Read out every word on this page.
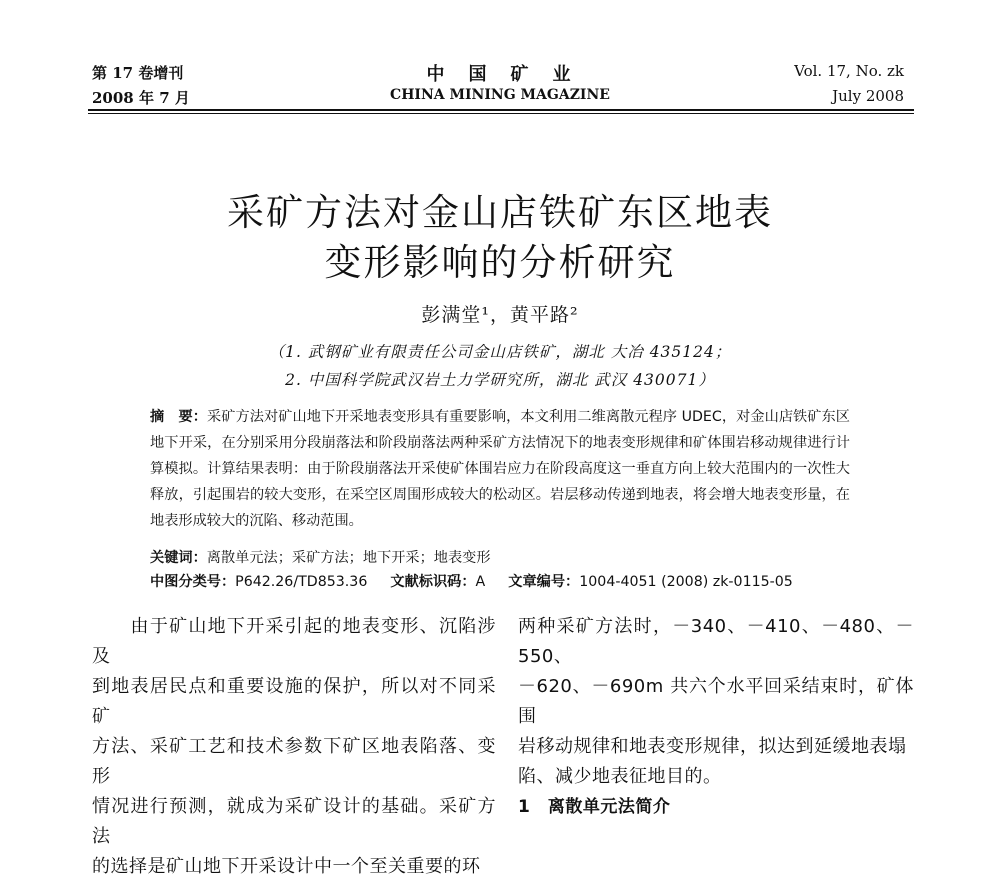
第 17 卷增刊
2008 年 7 月
中　国　矿　业
CHINA MINING MAGAZINE
Vol. 17, No. zk
July 2008
采矿方法对金山店铁矿东区地表
变形影响的分析研究
彭满堂¹，黄平路²
（1. 武钢矿业有限责任公司金山店铁矿，湖北 大冶 435124；
2. 中国科学院武汉岩土力学研究所，湖北 武汉 430071）
摘　要：采矿方法对矿山地下开采地表变形具有重要影响，本文利用二维离散元程序 UDEC，对金山店铁矿东区地下开采，在分别采用分段崩落法和阶段崩落法两种采矿方法情况下的地表变形规律和矿体围岩移动规律进行计算模拟。计算结果表明：由于阶段崩落法开采使矿体围岩应力在阶段高度这一垂直方向上较大范围内的一次性大释放，引起围岩的较大变形，在采空区周围形成较大的松动区。岩层移动传递到地表，将会增大地表变形量，在地表形成较大的沉陷、移动范围。
关键词：离散单元法；采矿方法；地下开采；地表变形
中图分类号：P642.26/TD853.36 文献标识码：A 文章编号：1004-4051 (2008) zk-0115-05

　　由于矿山地下开采引起的地表变形、沉陷涉及

到地表居民点和重要设施的保护，所以对不同采矿

方法、采矿工艺和技术参数下矿区地表陷落、变形

情况进行预测，就成为采矿设计的基础。采矿方法

的选择是矿山地下开采设计中一个至关重要的环

两种采矿方法时，－340、－410、－480、－550、

－620、－690m 共六个水平回采结束时，矿体围

岩移动规律和地表变形规律，拟达到延缓地表塌

陷、减少地表征地目的。

1　离散单元法简介
